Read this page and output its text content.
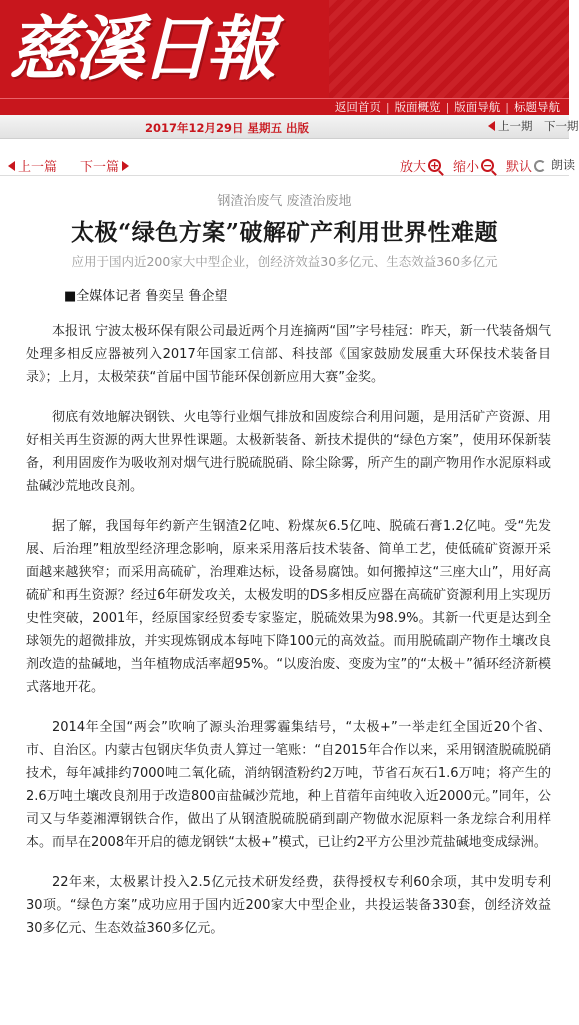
慈溪日報
返回首页 | 版面概览 | 版面导航 | 标题导航
2017年12月29日 星期五 出版	上一期 下一期
上一篇 下一篇	放大 + 缩小 − 默认 朗读
钢渣治废气 废渣治废地
太极“绿色方案”破解矿产利用世界性难题
应用于国内近200家大中型企业，创经济效益30多亿元、生态效益360多亿元
■全媒体记者 鲁奕呈 鲁企望

本报讯 宁波太极环保有限公司最近两个月连摘两“国”字号桂冠：昨天，新一代装备烟气处理多相反应器被列入2017年国家工信部、科技部《国家鼓励发展重大环保技术装备目录》；上月，太极荣获“首届中国节能环保创新应用大赛”金奖。

彻底有效地解决钢铁、火电等行业烟气排放和固废综合利用问题，是用活矿产资源、用好相关再生资源的两大世界性课题。太极新装备、新技术提供的“绿色方案”，使用环保新装备，利用固废作为吸收剂对烟气进行脱硫脱硝、除尘除雾，所产生的副产物用作水泥原料或盐碱沙荒地改良剂。

据了解，我国每年约新产生钢渣2亿吨、粉煤灰6.5亿吨、脱硫石膏1.2亿吨。受“先发展、后治理”粗放型经济理念影响，原来采用落后技术装备、简单工艺，使低硫矿资源开采面越来越狭窄；而采用高硫矿，治理难达标，设备易腐蚀。如何搬掉这“三座大山”，用好高硫矿和再生资源？经过6年研发攻关，太极发明的DS多相反应器在高硫矿资源利用上实现历史性突破，2001年，经原国家经贸委专家鉴定，脱硫效果为98.9%。其新一代更是达到全球领先的超微排放，并实现炼钢成本每吨下降100元的高效益。而用脱硫副产物作土壤改良剂改造的盐碱地，当年植物成活率超95%。“以废治废、变废为宝”的“太极＋”循环经济新模式落地开花。

2014年全国“两会”吹响了源头治理雾霾集结号，“太极+”一举走红全国近20个省、市、自治区。内蒙古包钢庆华负责人算过一笔账：“自2015年合作以来，采用钢渣脱硫脱硝技术，每年减排约7000吨二氧化硫，消纳钢渣粉约2万吨，节省石灰石1.6万吨；将产生的2.6万吨土壤改良剂用于改造800亩盐碱沙荒地，种上苜蓿年亩纯收入近2000元。”同年，公司又与华菱湘潭钢铁合作，做出了从钢渣脱硫脱硝到副产物做水泥原料一条龙综合利用样本。而早在2008年开启的德龙钢铁“太极+”模式，已让约2平方公里沙荒盐碱地变成绿洲。

22年来，太极累计投入2.5亿元技术研发经费，获得授权专利60余项，其中发明专利30项。“绿色方案”成功应用于国内近200家大中型企业，共投运装备330套，创经济效益30多亿元、生态效益360多亿元。
